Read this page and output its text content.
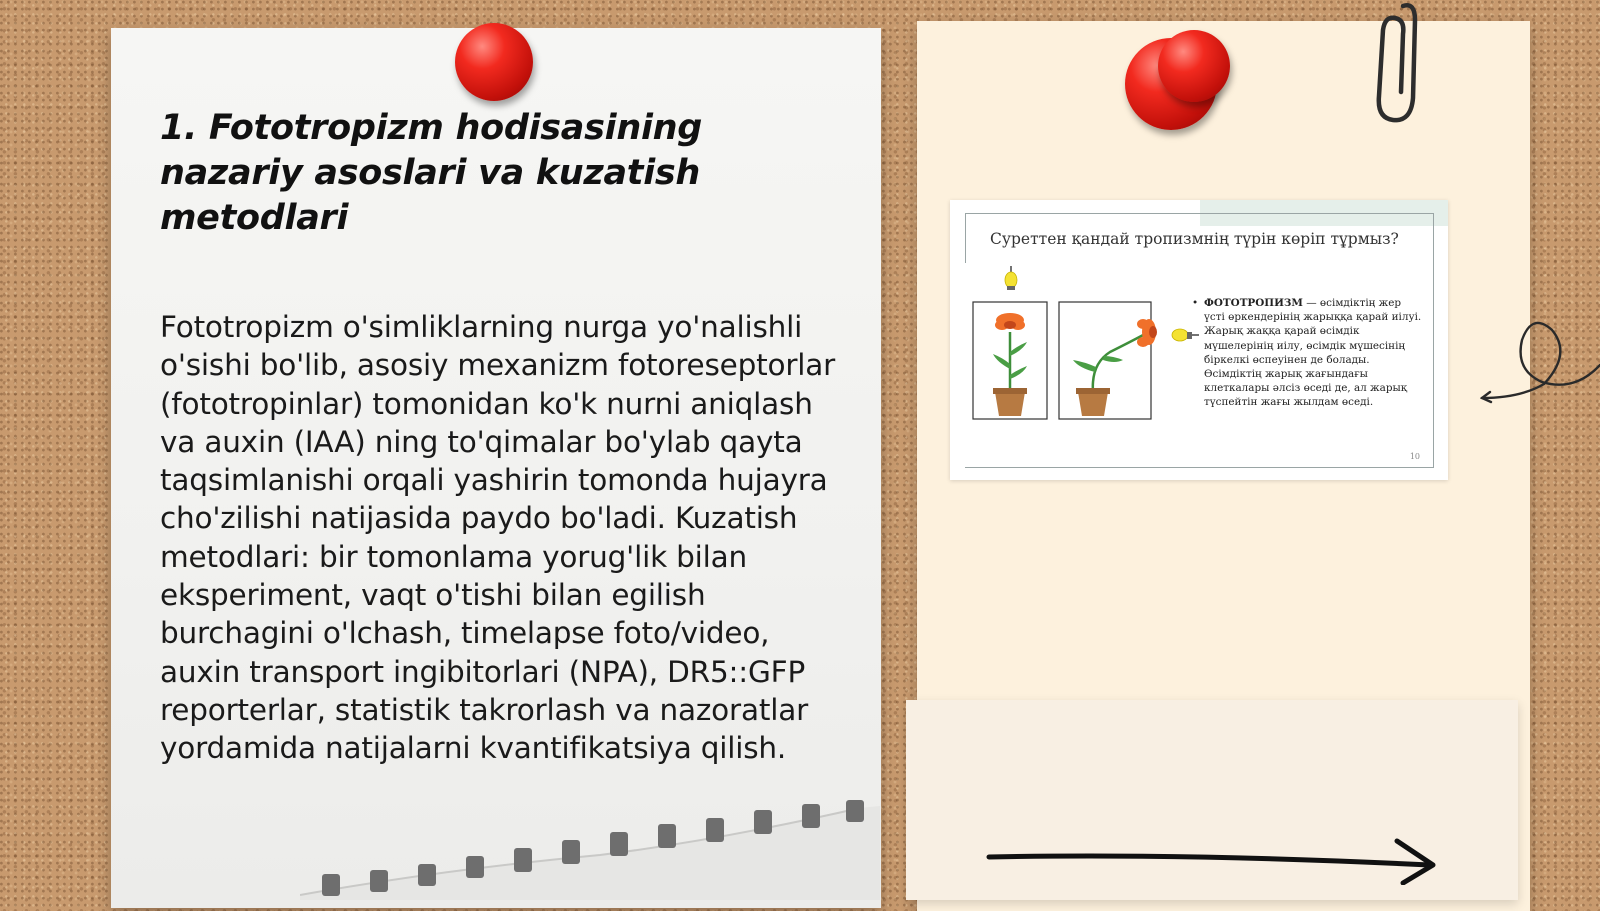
1. Fototropizm hodisasining nazariy asoslari va kuzatish metodlari

Fototropizm o'simliklarning nurga yo'nalishli o'sishi bo'lib, asosiy mexanizm fotoreseptorlar (fototropinlar) tomonidan ko'k nurni aniqlash va auxin (IAA) ning to'qimalar bo'ylab qayta taqsimlanishi orqali yashirin tomonda hujayra cho'zilishi natijasida paydo bo'ladi. Kuzatish metodlari: bir tomonlama yorug'lik bilan eksperiment, vaqt o'tishi bilan egilish burchagini o'lchash, timelapse foto/video, auxin transport ingibitorlari (NPA), DR5::GFP reporterlar, statistik takrorlash va nazoratlar yordamida natijalarni kvantifikatsiya qilish.

Суреттен қандай тропизмнің түрін көріп тұрмыз?

• ФОТОТРОПИЗМ — өсімдіктің жер үсті өркендерінің жарыққа қарай иілуі. Жарық жаққа қарай өсімдік мүшелерінің иілу, өсімдік мүшесінің біркелкі өспеуінен де болады. Өсімдіктің жарық жағындағы клеткалары әлсіз өседі де, ал жарық түспейтін жағы жылдам өседі.

10
